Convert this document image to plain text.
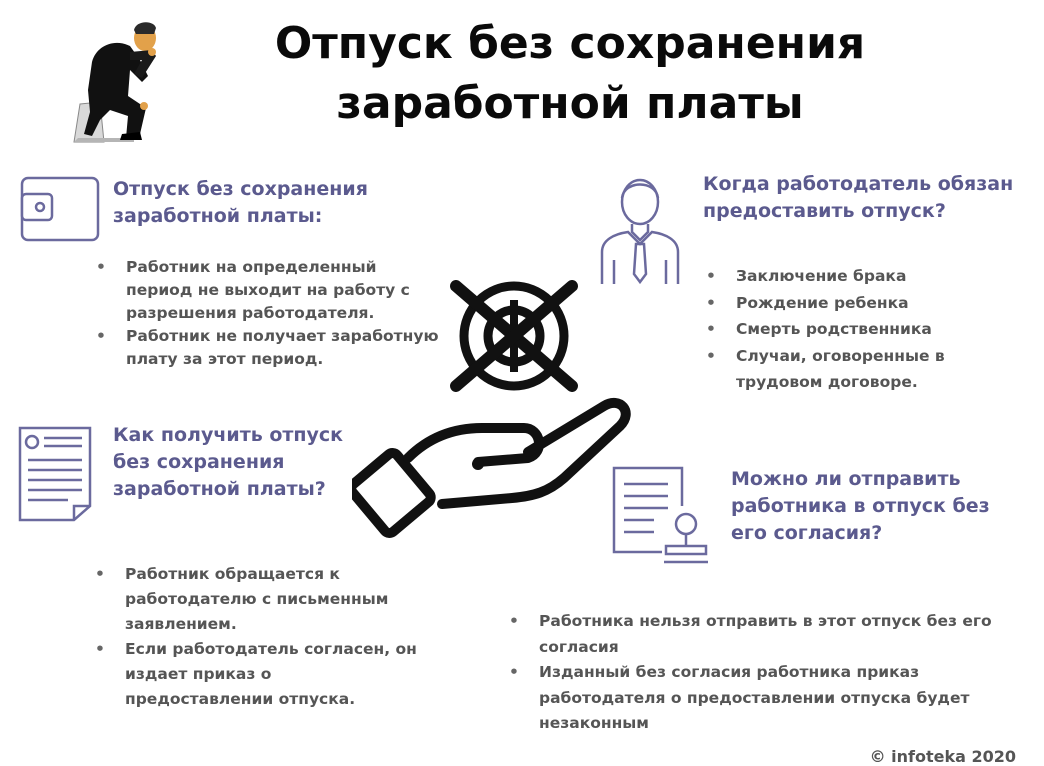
Отпуск без сохранения
заработной платы
Отпуск без сохранения
заработной платы:
• Работник на определенный
период не выходит на работу с
разрешения работодателя.
• Работник не получает заработную
плату за этот период.
Когда работодатель обязан
предоставить отпуск?
• Заключение брака
• Рождение ребенка
• Смерть родственника
• Случаи, оговоренные в
трудовом договоре.
Как получить отпуск
без сохранения
заработной платы?
• Работник обращается к
работодателю с письменным
заявлением.
• Если работодатель согласен, он
издает приказ о
предоставлении отпуска.
Можно ли отправить
работника в отпуск без
его согласия?
• Работника нельзя отправить в этот отпуск без его
согласия
• Изданный без согласия работника приказ
работодателя о предоставлении отпуска будет
незаконным
© infoteka 2020
